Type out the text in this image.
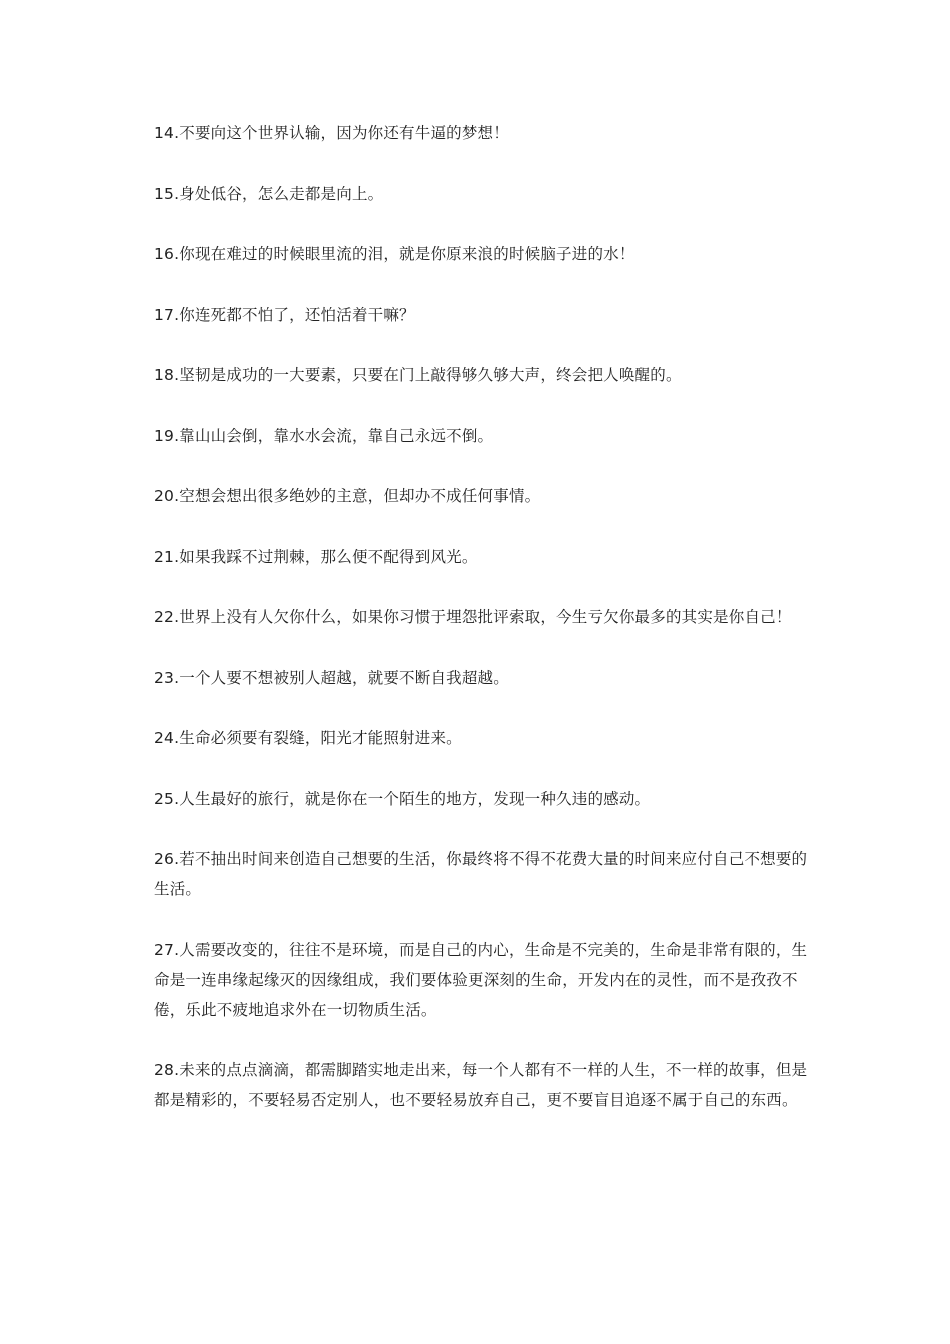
14.不要向这个世界认输，因为你还有牛逼的梦想！

15.身处低谷，怎么走都是向上。

16.你现在难过的时候眼里流的泪，就是你原来浪的时候脑子进的水！

17.你连死都不怕了，还怕活着干嘛？

18.坚韧是成功的一大要素，只要在门上敲得够久够大声，终会把人唤醒的。

19.靠山山会倒，靠水水会流，靠自己永远不倒。

20.空想会想出很多绝妙的主意，但却办不成任何事情。

21.如果我踩不过荆棘，那么便不配得到风光。

22.世界上没有人欠你什么，如果你习惯于埋怨批评索取，今生亏欠你最多的其实是你自己！

23.一个人要不想被别人超越，就要不断自我超越。

24.生命必须要有裂缝，阳光才能照射进来。

25.人生最好的旅行，就是你在一个陌生的地方，发现一种久违的感动。

26.若不抽出时间来创造自己想要的生活，你最终将不得不花费大量的时间来应付自己不想要的生活。

27.人需要改变的，往往不是环境，而是自己的内心，生命是不完美的，生命是非常有限的，生命是一连串缘起缘灭的因缘组成，我们要体验更深刻的生命，开发内在的灵性，而不是孜孜不倦，乐此不疲地追求外在一切物质生活。

28.未来的点点滴滴，都需脚踏实地走出来，每一个人都有不一样的人生，不一样的故事，但是都是精彩的，不要轻易否定别人，也不要轻易放弃自己，更不要盲目追逐不属于自己的东西。
